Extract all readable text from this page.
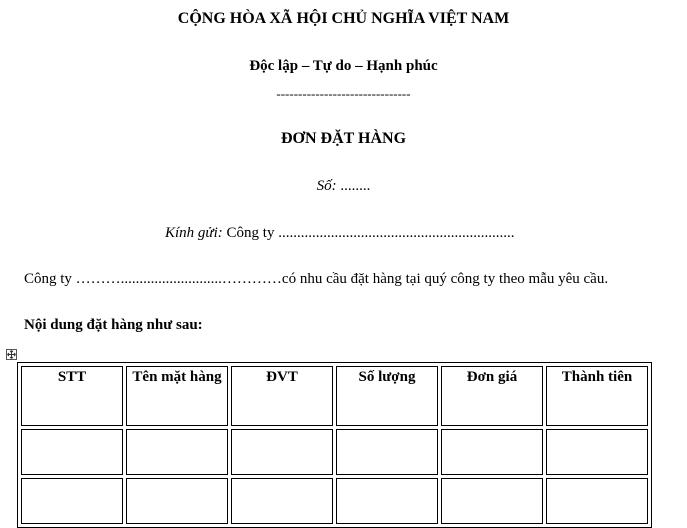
CỘNG HÒA XÃ HỘI CHỦ NGHĨA VIỆT NAM
Độc lập – Tự do – Hạnh phúc
-------------------------------
ĐƠN ĐẶT HÀNG
Số: ........
Kính gửi: Công ty ...............................................................
Công ty ………...........................…………có nhu cầu đặt hàng tại quý công ty theo mẫu yêu cầu.
Nội dung đặt hàng như sau:
STT	Tên mặt hàng	ĐVT	Số lượng	Đơn giá	Thành tiên
